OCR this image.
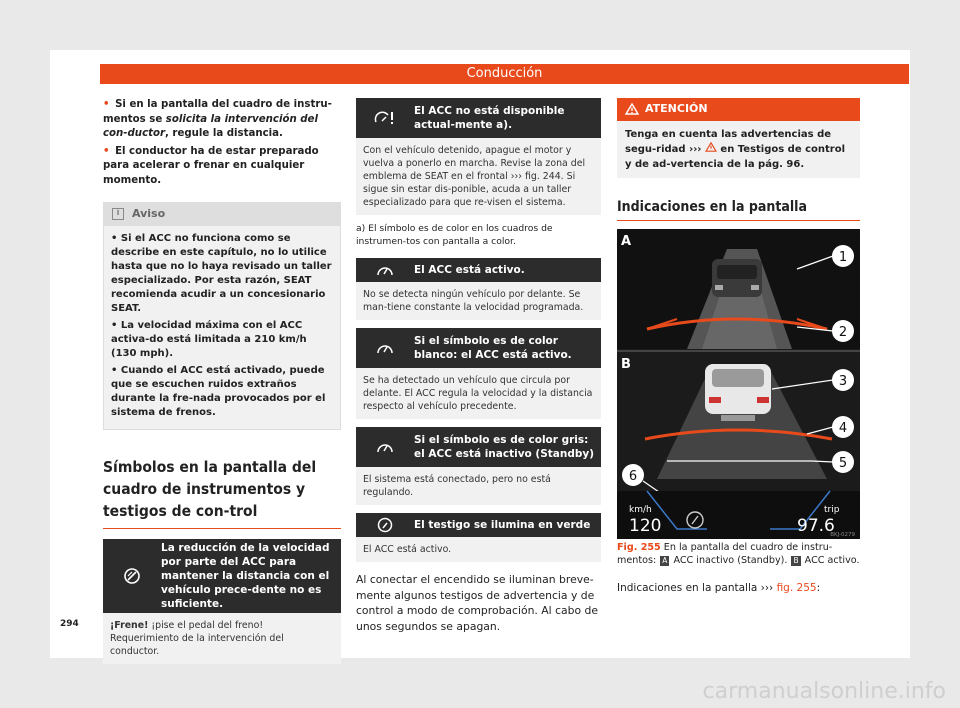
Conducción

• Si en la pantalla del cuadro de instru-mentos se solicita la intervención del con-ductor, regule la distancia.

• El conductor ha de estar preparado para acelerar o frenar en cualquier momento.

i	Aviso

• Si el ACC no funciona como se describe en este capítulo, no lo utilice hasta que no lo haya revisado un taller especializado. Por esta razón, SEAT recomienda acudir a un concesionario SEAT.

• La velocidad máxima con el ACC activa-do está limitada a 210 km/h (130 mph).

• Cuando el ACC está activado, puede que se escuchen ruidos extraños durante la fre-nada provocados por el sistema de frenos.

Símbolos en la pantalla del cuadro de instrumentos y testigos de con-trol
La reducción de la velocidad por parte del ACC para mantener la distancia con el vehículo prece-dente no es suficiente.
¡Frene! ¡pise el pedal del freno! Requerimiento de la intervención del conductor.
El ACC no está disponible actual-mente a).
Con el vehículo detenido, apague el motor y vuelva a ponerlo en marcha. Revise la zona del emblema de SEAT en el frontal ››› fig. 244. Si sigue sin estar dis-ponible, acuda a un taller especializado para que re-visen el sistema.

a) El símbolo es de color en los cuadros de instrumen-tos con pantalla a color.

El ACC está activo.
No se detecta ningún vehículo por delante. Se man-tiene constante la velocidad programada.
Si el símbolo es de color blanco: el ACC está activo.
Se ha detectado un vehículo que circula por delante. El ACC regula la velocidad y la distancia respecto al vehículo precedente.
Si el símbolo es de color gris: el ACC está inactivo (Standby)
El sistema está conectado, pero no está regulando.
El testigo se ilumina en verde
El ACC está activo.

Al conectar el encendido se iluminan breve-mente algunos testigos de advertencia y de control a modo de comprobación. Al cabo de unos segundos se apagan.

ATENCIÓN
Tenga en cuenta las advertencias de segu-ridad ›››  en Testigos de control y de ad-vertencia de la pág. 96.
Indicaciones en la pantalla
A
B
1
2
3
4
5
6
km/h
120
trip
97.6
BKJ-0279

Fig. 255 En la pantalla del cuadro de instru-mentos: A ACC inactivo (Standby). B ACC activo.

Indicaciones en la pantalla ››› fig. 255:

294
carmanualsonline.info
